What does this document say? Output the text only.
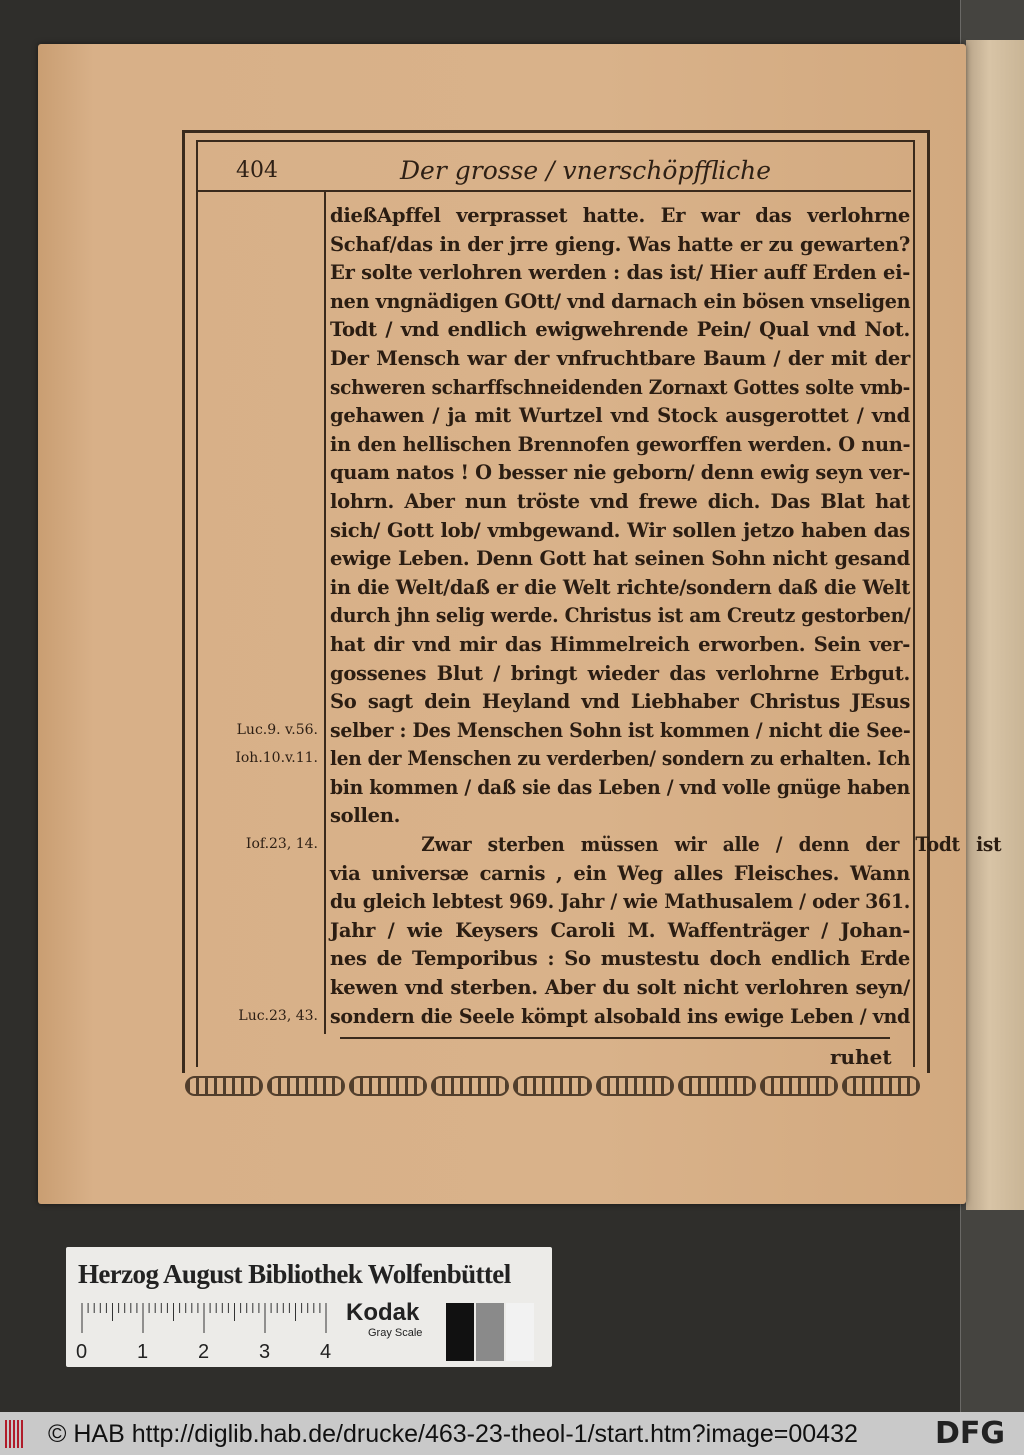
404	Der grosse / vnerschöpffliche
dießApffel verprasset hatte. Er war das verlohrne
Schaf/das in der jrre gieng. Was hatte er zu gewarten?
Er solte verlohren werden : das ist/ Hier auff Erden ei-
nen vngnädigen GOtt/ vnd darnach ein bösen vnseligen
Todt / vnd endlich ewigwehrende Pein/ Qual vnd Not.
Der Mensch war der vnfruchtbare Baum / der mit der
schweren scharffschneidenden Zornaxt Gottes solte vmb-
gehawen / ja mit Wurtzel vnd Stock ausgerottet / vnd
in den hellischen Brennofen geworffen werden. O nun-
quam natos ! O besser nie geborn/ denn ewig seyn ver-
lohrn. Aber nun tröste vnd frewe dich. Das Blat hat
sich/ Gott lob/ vmbgewand. Wir sollen jetzo haben das
ewige Leben. Denn Gott hat seinen Sohn nicht gesand
in die Welt/daß er die Welt richte/sondern daß die Welt
durch jhn selig werde. Christus ist am Creutz gestorben/
hat dir vnd mir das Himmelreich erworben. Sein ver-
gossenes Blut / bringt wieder das verlohrne Erbgut.
So sagt dein Heyland vnd Liebhaber Christus JEsus
selber : Des Menschen Sohn ist kommen / nicht die See-
len der Menschen zu verderben/ sondern zu erhalten. Ich
bin kommen / daß sie das Leben / vnd volle gnüge haben
sollen.
Zwar sterben müssen wir alle / denn der Todt ist
via universæ carnis , ein Weg alles Fleisches. Wann
du gleich lebtest 969. Jahr / wie Mathusalem / oder 361.
Jahr / wie Keysers Caroli M. Waffenträger / Johan-
nes de Temporibus : So mustestu doch endlich Erde
kewen vnd sterben. Aber du solt nicht verlohren seyn/
sondern die Seele kömpt alsobald ins ewige Leben / vnd
Luc.9. v.56.
Ioh.10.v.11.
Iof.23, 14.
Luc.23, 43.
ruhet
Herzog August Bibliothek Wolfenbüttel
0 1 2 3 4
Kodak
Gray Scale
© HAB http://diglib.hab.de/drucke/463-23-theol-1/start.htm?image=00432	DFG
